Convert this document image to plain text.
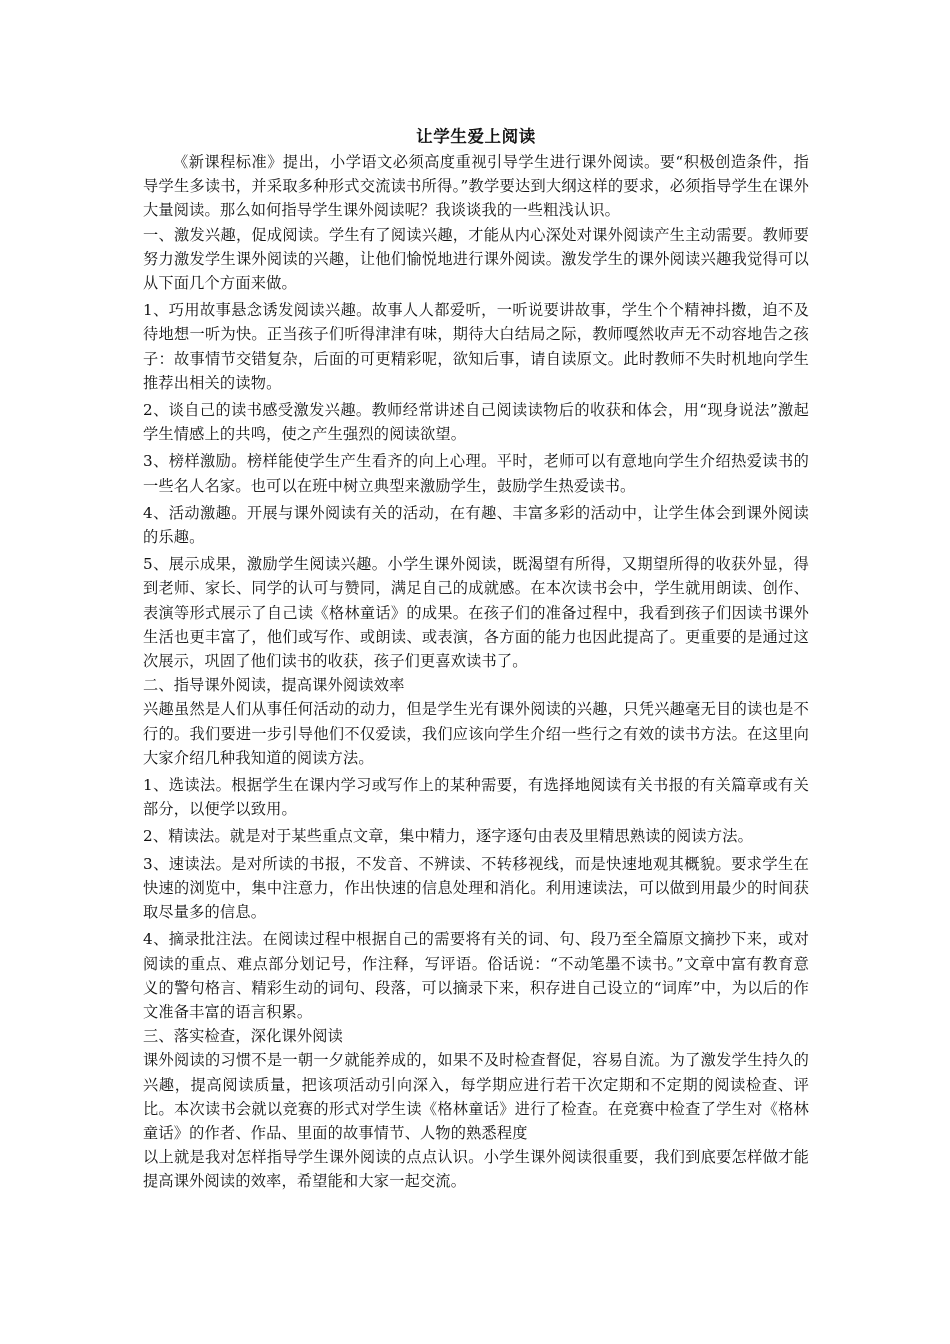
让学生爱上阅读

《新课程标准》提出，小学语文必须高度重视引导学生进行课外阅读。要“积极创造条件，指导学生多读书，并采取多种形式交流读书所得。”教学要达到大纲这样的要求，必须指导学生在课外大量阅读。那么如何指导学生课外阅读呢？我谈谈我的一些粗浅认识。

一、激发兴趣，促成阅读。学生有了阅读兴趣，才能从内心深处对课外阅读产生主动需要。教师要努力激发学生课外阅读的兴趣，让他们愉悦地进行课外阅读。激发学生的课外阅读兴趣我觉得可以从下面几个方面来做。

1、巧用故事悬念诱发阅读兴趣。故事人人都爱听，一听说要讲故事，学生个个精神抖擞，迫不及待地想一听为快。正当孩子们听得津津有味，期待大白结局之际，教师嘎然收声无不动容地告之孩子：故事情节交错复杂，后面的可更精彩呢，欲知后事，请自读原文。此时教师不失时机地向学生推荐出相关的读物。

2、谈自己的读书感受激发兴趣。教师经常讲述自己阅读读物后的收获和体会，用“现身说法”激起学生情感上的共鸣，使之产生强烈的阅读欲望。

3、榜样激励。榜样能使学生产生看齐的向上心理。平时，老师可以有意地向学生介绍热爱读书的一些名人名家。也可以在班中树立典型来激励学生，鼓励学生热爱读书。

4、活动激趣。开展与课外阅读有关的活动，在有趣、丰富多彩的活动中，让学生体会到课外阅读的乐趣。

5、展示成果，激励学生阅读兴趣。小学生课外阅读，既渴望有所得，又期望所得的收获外显，得到老师、家长、同学的认可与赞同，满足自己的成就感。在本次读书会中，学生就用朗读、创作、表演等形式展示了自己读《格林童话》的成果。在孩子们的准备过程中，我看到孩子们因读书课外生活也更丰富了，他们或写作、或朗读、或表演，各方面的能力也因此提高了。更重要的是通过这次展示，巩固了他们读书的收获，孩子们更喜欢读书了。

二、指导课外阅读，提高课外阅读效率

兴趣虽然是人们从事任何活动的动力，但是学生光有课外阅读的兴趣，只凭兴趣毫无目的读也是不行的。我们要进一步引导他们不仅爱读，我们应该向学生介绍一些行之有效的读书方法。在这里向大家介绍几种我知道的阅读方法。

1、选读法。根据学生在课内学习或写作上的某种需要，有选择地阅读有关书报的有关篇章或有关部分，以便学以致用。

2、精读法。就是对于某些重点文章，集中精力，逐字逐句由表及里精思熟读的阅读方法。

3、速读法。是对所读的书报，不发音、不辨读、不转移视线，而是快速地观其概貌。要求学生在快速的浏览中，集中注意力，作出快速的信息处理和消化。利用速读法，可以做到用最少的时间获取尽量多的信息。

4、摘录批注法。在阅读过程中根据自己的需要将有关的词、句、段乃至全篇原文摘抄下来，或对阅读的重点、难点部分划记号，作注释，写评语。俗话说：“不动笔墨不读书。”文章中富有教育意义的警句格言、精彩生动的词句、段落，可以摘录下来，积存进自己设立的“词库”中，为以后的作文准备丰富的语言积累。

三、落实检查，深化课外阅读

课外阅读的习惯不是一朝一夕就能养成的，如果不及时检查督促，容易自流。为了激发学生持久的兴趣，提高阅读质量，把该项活动引向深入，每学期应进行若干次定期和不定期的阅读检查、评比。本次读书会就以竞赛的形式对学生读《格林童话》进行了检查。在竞赛中检查了学生对《格林童话》的作者、作品、里面的故事情节、人物的熟悉程度

以上就是我对怎样指导学生课外阅读的点点认识。小学生课外阅读很重要，我们到底要怎样做才能提高课外阅读的效率，希望能和大家一起交流。
